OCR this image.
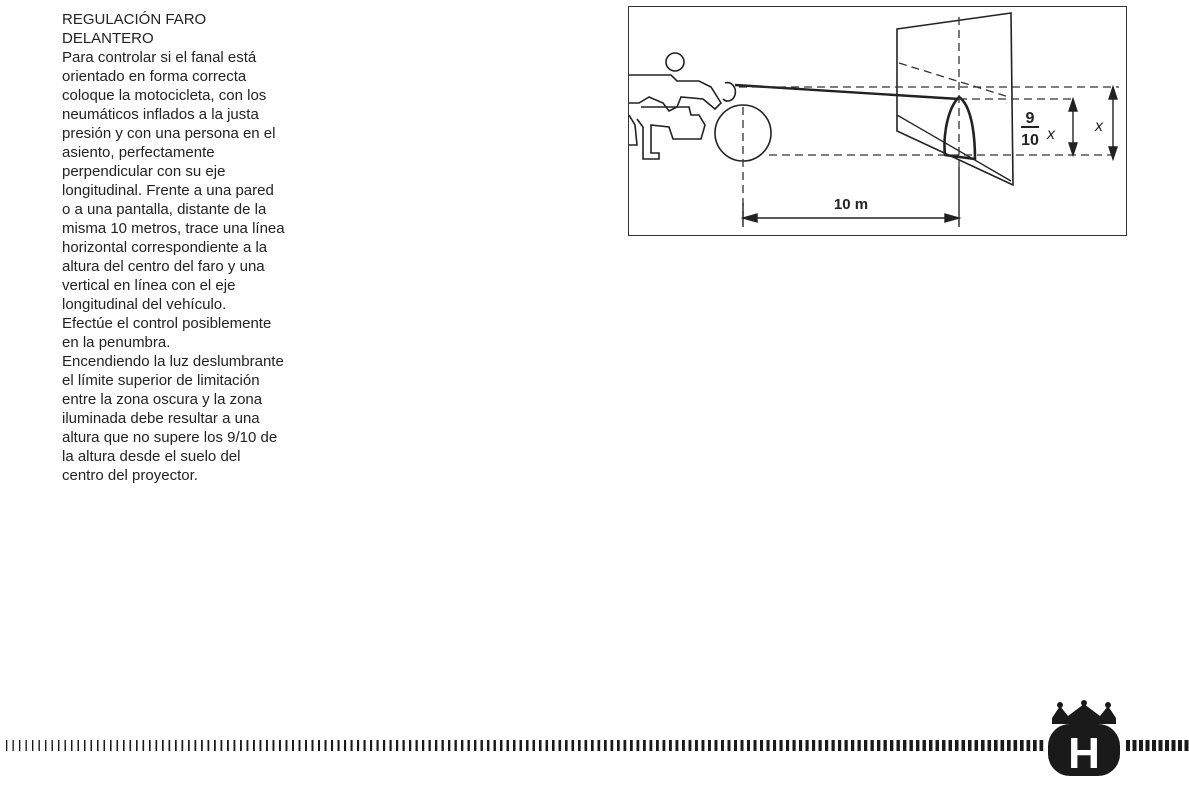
REGULACIÓN FARO
DELANTERO

Para controlar si el fanal está

orientado en forma correcta

coloque la motocicleta, con los

neumáticos inflados a la justa

presión y con una persona en el

asiento, perfectamente

perpendicular con su eje

longitudinal. Frente a una pared

o a una pantalla, distante de la

misma 10 metros, trace una línea

horizontal correspondiente a la

altura del centro del faro y una

vertical en línea con el eje

longitudinal del vehículo.

Efectúe el control posiblemente

en la penumbra.

Encendiendo la luz deslumbrante

el límite superior de limitación

entre la zona oscura y la zona

iluminada debe resultar a una

altura que no supere los 9/10 de

la altura desde el suelo del

centro del proyector.

10 m
9
10 x	x
H
